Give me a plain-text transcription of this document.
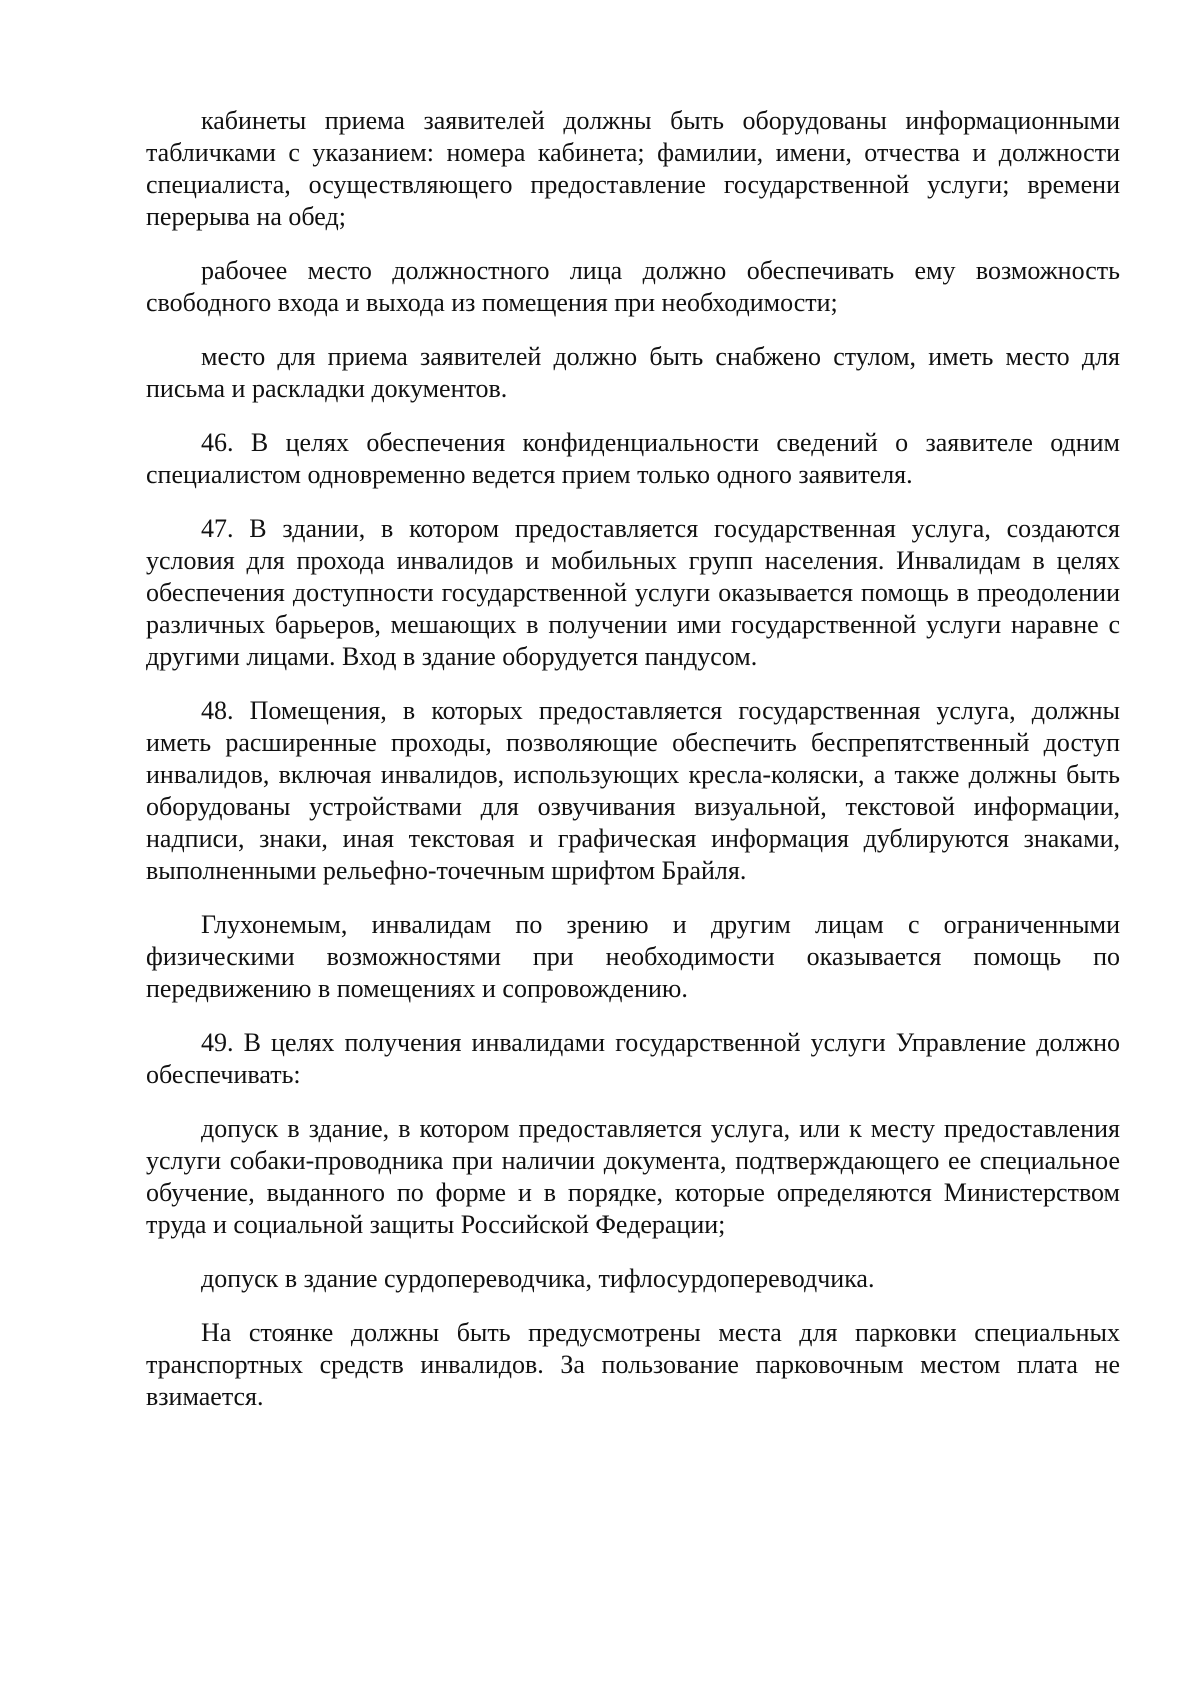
кабинеты приема заявителей должны быть оборудованы информационными табличками с указанием: номера кабинета; фамилии, имени, отчества и должности специалиста, осуществляющего предоставление государственной услуги; времени перерыва на обед;

рабочее место должностного лица должно обеспечивать ему возможность свободного входа и выхода из помещения при необходимости;

место для приема заявителей должно быть снабжено стулом, иметь место для письма и раскладки документов.

46. В целях обеспечения конфиденциальности сведений о заявителе одним специалистом одновременно ведется прием только одного заявителя.

47. В здании, в котором предоставляется государственная услуга, создаются условия для прохода инвалидов и мобильных групп населения. Инвалидам в целях обеспечения доступности государственной услуги оказывается помощь в преодолении различных барьеров, мешающих в получении ими государственной услуги наравне с другими лицами. Вход в здание оборудуется пандусом.

48. Помещения, в которых предоставляется государственная услуга, должны иметь расширенные проходы, позволяющие обеспечить беспрепятственный доступ инвалидов, включая инвалидов, использующих кресла-коляски, а также должны быть оборудованы устройствами для озвучивания визуальной, текстовой информации, надписи, знаки, иная текстовая и графическая информация дублируются знаками, выполненными рельефно-точечным шрифтом Брайля.

Глухонемым, инвалидам по зрению и другим лицам с ограниченными физическими возможностями при необходимости оказывается помощь по передвижению в помещениях и сопровождению.

49. В целях получения инвалидами государственной услуги Управление должно обеспечивать:

допуск в здание, в котором предоставляется услуга, или к месту предоставления услуги собаки-проводника при наличии документа, подтверждающего ее специальное обучение, выданного по форме и в порядке, которые определяются Министерством труда и социальной защиты Российской Федерации;

допуск в здание сурдопереводчика, тифлосурдопереводчика.

На стоянке должны быть предусмотрены места для парковки специальных транспортных средств инвалидов. За пользование парковочным местом плата не взимается.
